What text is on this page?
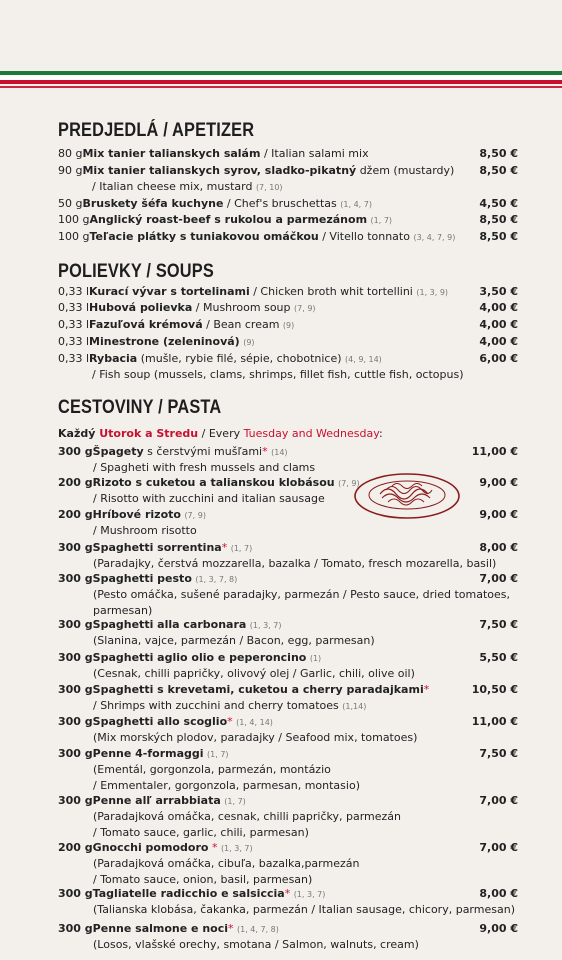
PREDJEDLÁ / APETIZER
80 gMix tanier talianskych salám / Italian salami mix	8,50 €
90 gMix tanier talianskych syrov, sladko-pikatný džem (mustardy) 8,50 €
/ Italian cheese mix, mustard (7, 10)
50 gBruskety šéfa kuchyne / Chef's bruschettas (1, 4, 7)	4,50 €
100 gAnglický roast-beef s rukolou a parmezánom (1, 7)	8,50 €
100 gTeľacie plátky s tuniakovou omáčkou / Vitello tonnato (3, 4, 7, 9) 8,50 €
POLIEVKY / SOUPS
0,33 lKurací vývar s tortelinami / Chicken broth whit tortellini (1, 3, 9)	3,50 €
0,33 lHubová polievka / Mushroom soup (7, 9)	4,00 €
0,33 lFazuľová krémová / Bean cream (9)	4,00 €
0,33 lMinestrone (zeleninová) (9)	4,00 €
0,33 lRybacia (mušle, rybie filé, sépie, chobotnice) (4, 9, 14)	6,00 €
/ Fish soup (mussels, clams, shrimps, fillet fish, cuttle fish, octopus)
CESTOVINY / PASTA
Každý Utorok a Stredu / Every Tuesday and Wednesday:
300 gŠpagety s čerstvými mušľami* (14)	11,00 €
/ Spagheti with fresh mussels and clams
200 gRizoto s cuketou a talianskou klobásou (7, 9)	9,00 €
/ Risotto with zucchini and italian sausage
200 gHríbové rizoto (7, 9)	9,00 €
/ Mushroom risotto
300 gSpaghetti sorrentina* (1, 7)	8,00 €
(Paradajky, čerstvá mozzarella, bazalka / Tomato, fresch mozarella, basil)
300 gSpaghetti pesto (1, 3, 7, 8)	7,00 €
(Pesto omáčka, sušené paradajky, parmezán / Pesto sauce, dried tomatoes,
parmesan)
300 gSpaghetti alla carbonara (1, 3, 7)	7,50 €
(Slanina, vajce, parmezán / Bacon, egg, parmesan)
300 gSpaghetti aglio olio e peperoncino (1)	5,50 €
(Cesnak, chilli papričky, olivový olej / Garlic, chili, olive oil)
300 gSpaghetti s krevetami, cuketou a cherry paradajkami*	10,50 €
/ Shrimps with zucchini and cherry tomatoes (1,14)
300 gSpaghetti allo scoglio* (1, 4, 14)	11,00 €
(Mix morských plodov, paradajky / Seafood mix, tomatoes)
300 gPenne 4-formaggi (1, 7)	7,50 €
(Ementál, gorgonzola, parmezán, montázio
/ Emmentaler, gorgonzola, parmesan, montasio)
300 gPenne alľ arrabbiata (1, 7)	7,00 €
(Paradajková omáčka, cesnak, chilli papričky, parmezán
/ Tomato sauce, garlic, chili, parmesan)
200 gGnocchi pomodoro * (1, 3, 7)	7,00 €
(Paradajková omáčka, cibuľa, bazalka,parmezán
/ Tomato sauce, onion, basil, parmesan)
300 gTagliatelle radicchio e salsiccia* (1, 3, 7)	8,00 €
(Talianska klobása, čakanka, parmezán / Italian sausage, chicory, parmesan)
300 gPenne salmone e noci* (1, 4, 7, 8)	9,00 €
(Losos, vlašské orechy, smotana / Salmon, walnuts, cream)
